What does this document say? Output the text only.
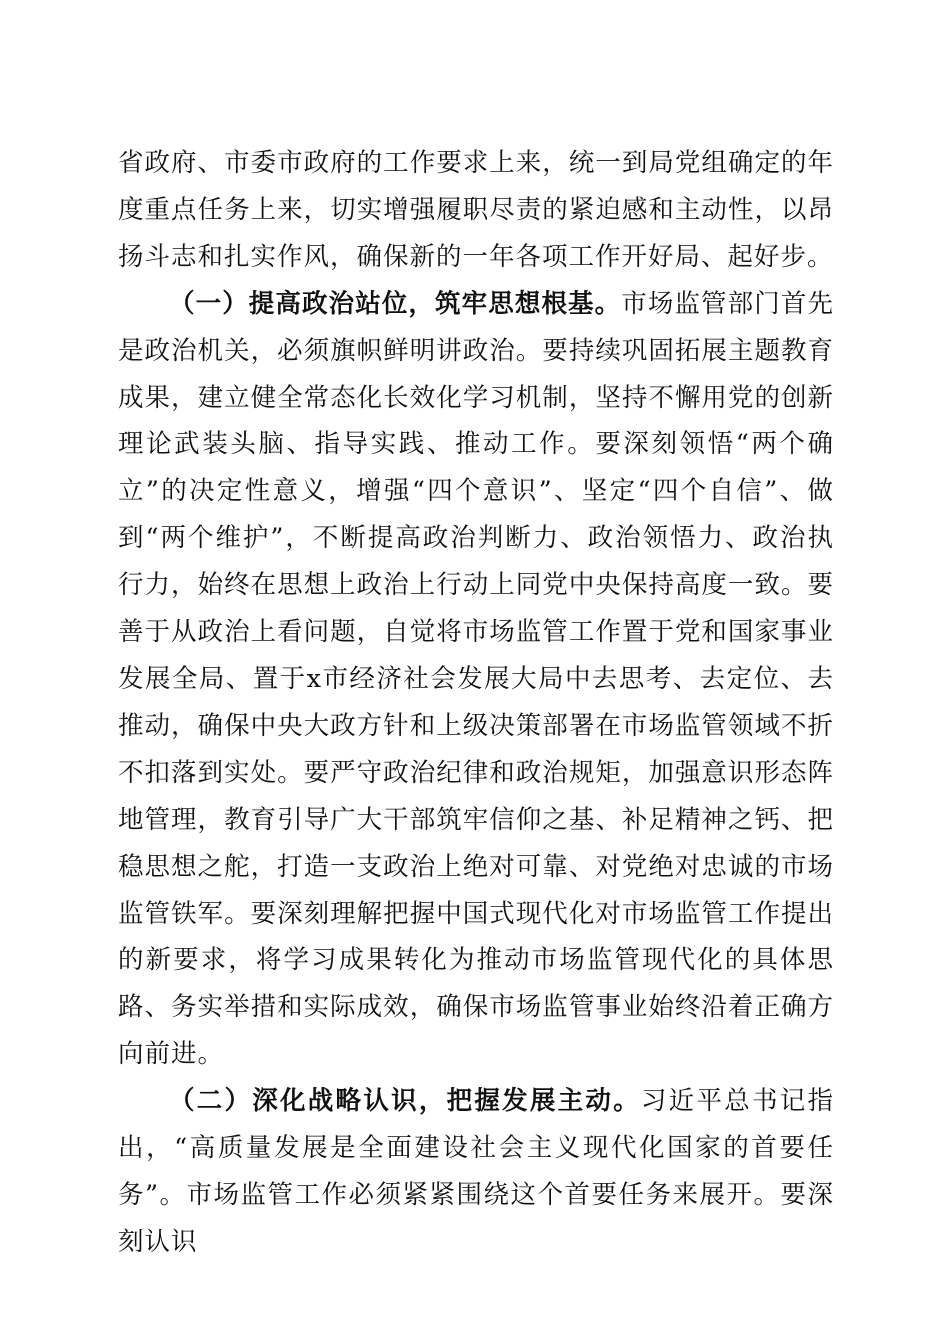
省政府、市委市政府的工作要求上来，统一到局党组确定的年度重点任务上来，切实增强履职尽责的紧迫感和主动性，以昂扬斗志和扎实作风，确保新的一年各项工作开好局、起好步。

（一）提高政治站位，筑牢思想根基。市场监管部门首先是政治机关，必须旗帜鲜明讲政治。要持续巩固拓展主题教育成果，建立健全常态化长效化学习机制，坚持不懈用党的创新理论武装头脑、指导实践、推动工作。要深刻领悟“两个确立”的决定性意义，增强“四个意识”、坚定“四个自信”、做到“两个维护”，不断提高政治判断力、政治领悟力、政治执行力，始终在思想上政治上行动上同党中央保持高度一致。要善于从政治上看问题，自觉将市场监管工作置于党和国家事业发展全局、置于x市经济社会发展大局中去思考、去定位、去推动，确保中央大政方针和上级决策部署在市场监管领域不折不扣落到实处。要严守政治纪律和政治规矩，加强意识形态阵地管理，教育引导广大干部筑牢信仰之基、补足精神之钙、把稳思想之舵，打造一支政治上绝对可靠、对党绝对忠诚的市场监管铁军。要深刻理解把握中国式现代化对市场监管工作提出的新要求，将学习成果转化为推动市场监管现代化的具体思路、务实举措和实际成效，确保市场监管事业始终沿着正确方向前进。

（二）深化战略认识，把握发展主动。习近平总书记指出，“高质量发展是全面建设社会主义现代化国家的首要任务”。市场监管工作必须紧紧围绕这个首要任务来展开。要深刻认识
